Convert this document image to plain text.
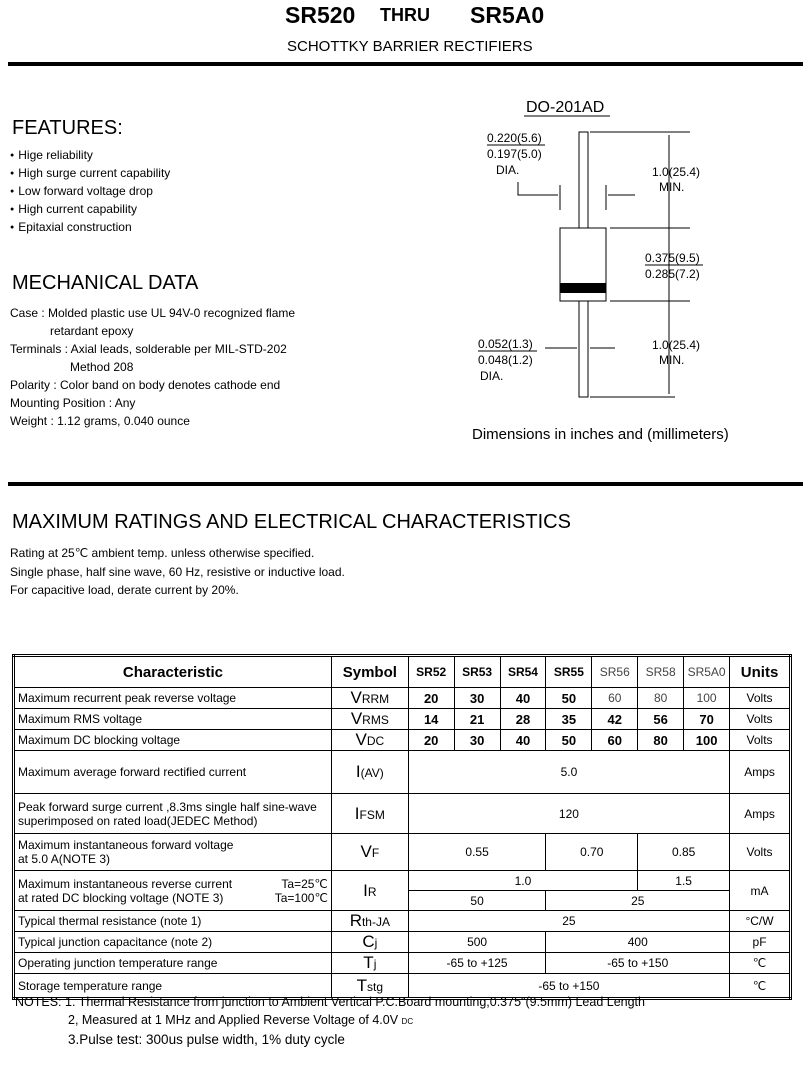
SR520 THRU SR5A0
SCHOTTKY BARRIER RECTIFIERS
FEATURES:
● Hige reliability
● High surge current capability
● Low forward voltage drop
● High current capability
● Epitaxial construction
MECHANICAL DATA
Case : Molded plastic use UL 94V-0 recognized flame
retardant epoxy
Terminals : Axial leads, solderable per MIL-STD-202
Method 208
Polarity : Color band on body denotes cathode end
Mounting Position : Any
Weight : 1.12 grams, 0.040 ounce
DO-201AD
0.220(5.6)
0.197(5.0)
DIA.	1.0(25.4)
MIN.
0.375(9.5)
0.285(7.2)
0.052(1.3)
0.048(1.2)
DIA.
1.0(25.4)
MIN.
Dimensions in inches and (millimeters)
MAXIMUM RATINGS AND ELECTRICAL CHARACTERISTICS
Rating at 25℃ ambient temp. unless otherwise specified.
Single phase, half sine wave, 60 Hz, resistive or inductive load.
For capacitive load, derate current by 20%.
Characteristic	Symbol	SR52	SR53	SR54	SR55	SR56	SR58	SR5A0	Units
Maximum recurrent peak reverse voltage	VRRM	20	30	40	50	60	80	100	Volts
Maximum RMS voltage	VRMS	14	21	28	35	42	56	70	Volts
Maximum DC blocking voltage	VDC	20	30	40	50	60	80	100	Volts
Maximum average forward rectified current	I(AV)	5.0							Amps

Peak forward surge current ,8.3ms single half sine-wave
superimposed on rated load(JEDEC Method)	IFSM	120							Amps

Maximum instantaneous forward voltage
at 5.0 A(NOTE 3)	VF	0.55			0.70		0.85		Volts

Maximum instantaneous reverse current Ta=25℃
at rated DC blocking voltage (NOTE 3) Ta=100℃	IR	1.0					1.5		mA
		50			25				
Typical thermal resistance (note 1)	Rth-JA	25							°C/W
Typical junction capacitance (note 2)	Cj	500			400				pF
Operating junction temperature range	Tj	-65 to +125			-65 to +150				℃
Storage temperature range	Tstg	-65 to +150							℃
NOTES: 1. Thermal Resistance from junction to Ambient Vertical P.C.Board mounting,0.375"(9.5mm) Lead Length
2, Measured at 1 MHz and Applied Reverse Voltage of 4.0V DC
3.Pulse test: 300us pulse width, 1% duty cycle
